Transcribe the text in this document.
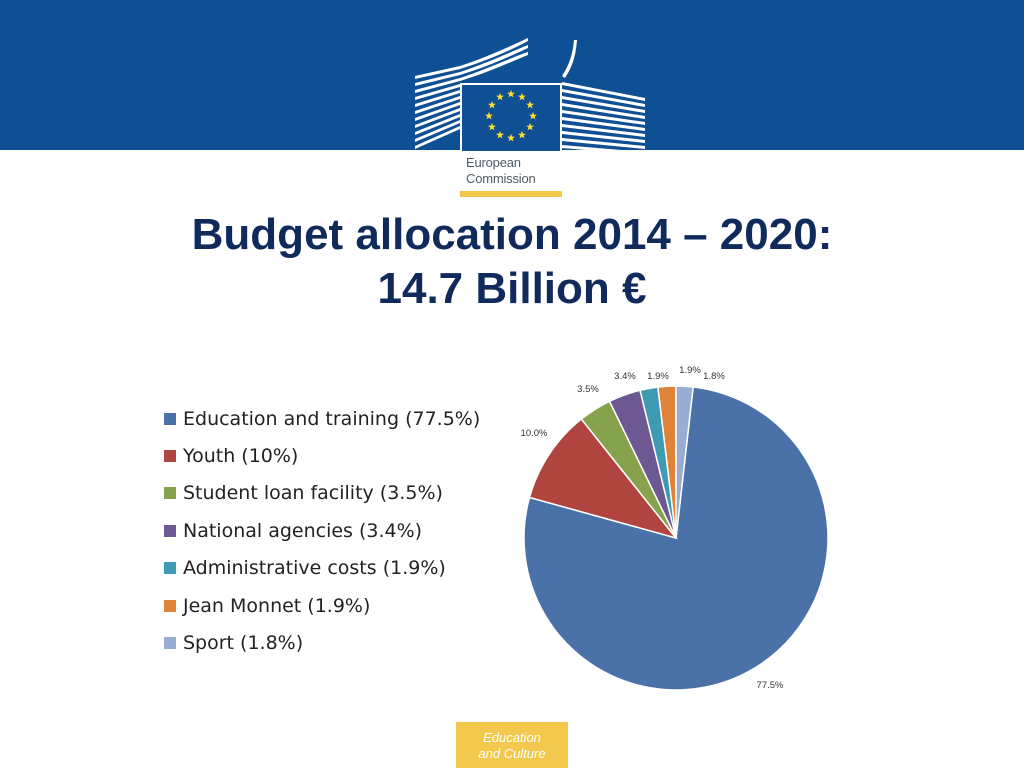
European
Commission
Budget allocation 2014 – 2020:
14.7 Billion €
Education and training (77.5%)
Youth (10%)
Student loan facility (3.5%)
National agencies (3.4%)
Administrative costs (1.9%)
Jean Monnet (1.9%)
Sport (1.8%)
77.5%
10.0%
3.5%
3.4% 1.9%
1.9%
1.8%
Education
and Culture
